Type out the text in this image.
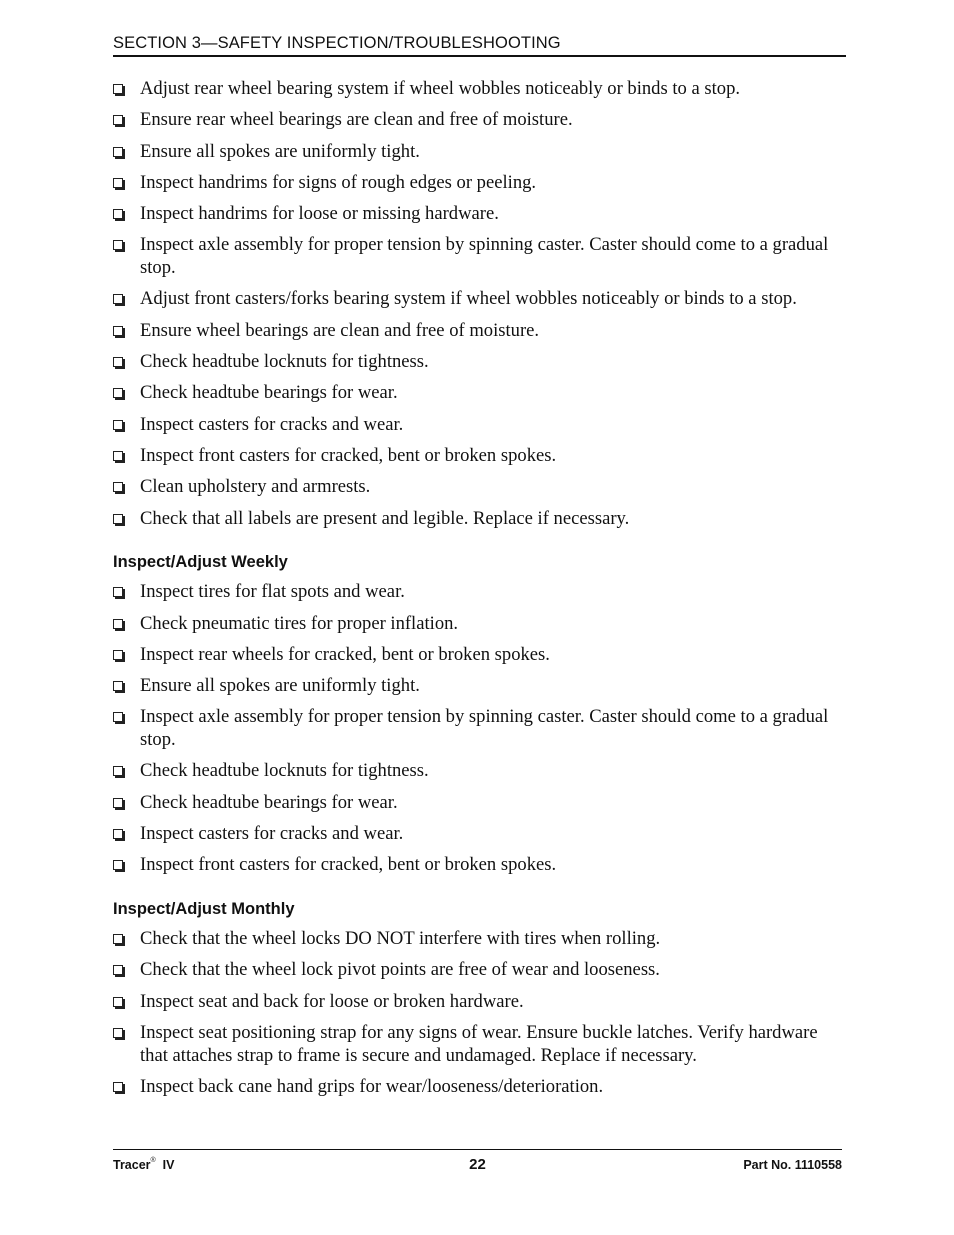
SECTION 3—SAFETY INSPECTION/TROUBLESHOOTING
Adjust rear wheel bearing system if wheel wobbles noticeably or binds to a stop.
Ensure rear wheel bearings are clean and free of moisture.
Ensure all spokes are uniformly tight.
Inspect handrims for signs of rough edges or peeling.
Inspect handrims for loose or missing hardware.
Inspect axle assembly for proper tension by spinning caster. Caster should come to a gradual stop.
Adjust front casters/forks bearing system if wheel wobbles noticeably or binds to a stop.
Ensure wheel bearings are clean and free of moisture.
Check headtube locknuts for tightness.
Check headtube bearings for wear.
Inspect casters for cracks and wear.
Inspect front casters for cracked, bent or broken spokes.
Clean upholstery and armrests.
Check that all labels are present and legible. Replace if necessary.
Inspect/Adjust Weekly
Inspect tires for flat spots and wear.
Check pneumatic tires for proper inflation.
Inspect rear wheels for cracked, bent or broken spokes.
Ensure all spokes are uniformly tight.
Inspect axle assembly for proper tension by spinning caster. Caster should come to a gradual stop.
Check headtube locknuts for tightness.
Check headtube bearings for wear.
Inspect casters for cracks and wear.
Inspect front casters for cracked, bent or broken spokes.
Inspect/Adjust Monthly
Check that the wheel locks DO NOT interfere with tires when rolling.
Check that the wheel lock pivot points are free of wear and looseness.
Inspect seat and back for loose or broken hardware.
Inspect seat positioning strap for any signs of wear. Ensure buckle latches. Verify hardware that attaches strap to frame is secure and undamaged. Replace if necessary.
Inspect back cane hand grips for wear/looseness/deterioration.
Tracer® IV	22	Part No. 1110558
